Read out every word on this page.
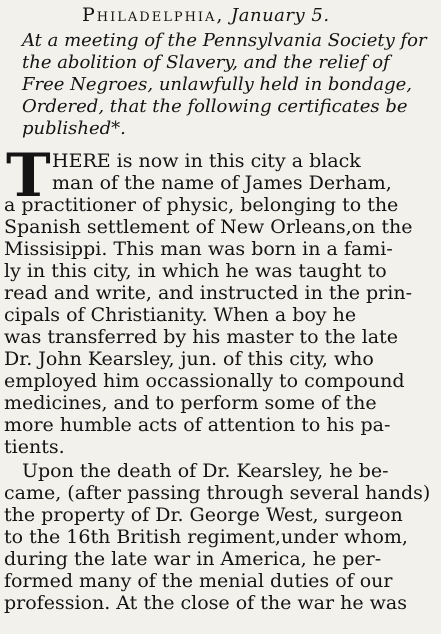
Philadelphia, January 5.
At a meeting of the Pennsylvania Society for
the abolition of Slavery, and the relief of
Free Negroes, unlawfully held in bondage,
Ordered, that the following certificates be
published*.
T HERE is now in this city a black
man of the name of James Derham,
a practitioner of physic, belonging to the
Spanish settlement of New Orleans,on the
Missisippi. This man was born in a fami-
ly in this city, in which he was taught to
read and write, and instructed in the prin-
cipals of Christianity. When a boy he
was transferred by his master to the late
Dr. John Kearsley, jun. of this city, who
employed him occassionally to compound
medicines, and to perform some of the
more humble acts of attention to his pa-
tients.
Upon the death of Dr. Kearsley, he be-
came, (after passing through several hands)
the property of Dr. George West, surgeon
to the 16th British regiment,under whom,
during the late war in America, he per-
formed many of the menial duties of our
profession. At the close of the war he was
